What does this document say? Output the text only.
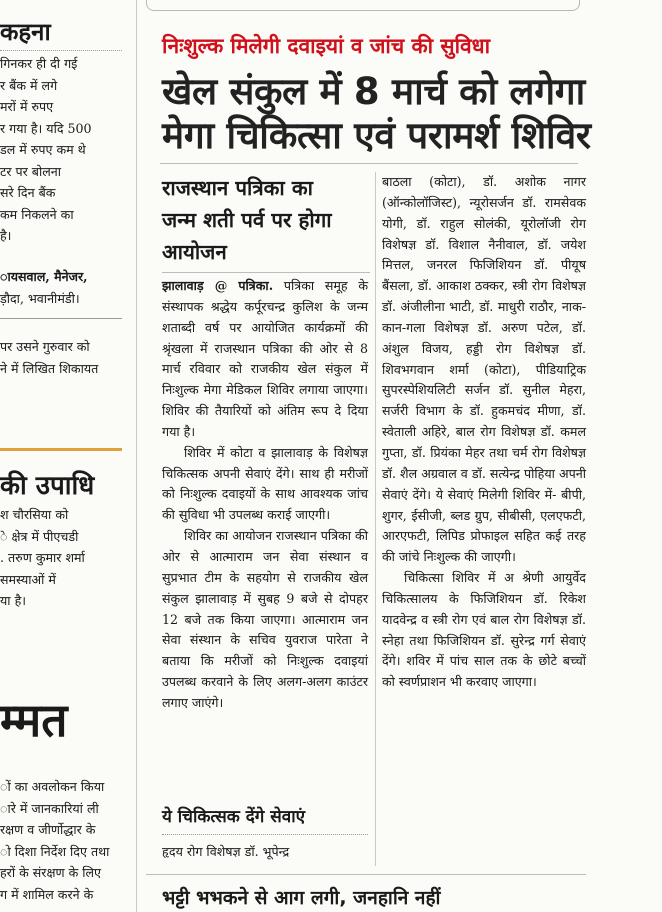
कहना

गिनकर ही दी गई

र बैंक में लगे

मरों में रुपए

र गया है। यदि 500

डल में रुपए कम थे

टर पर बोलना

सरे दिन बैंक

कम निकलने का

है।

ायसवाल, मैनेजर,

ड़ौदा, भवानीमंडी।

पर उसने गुरुवार को

ने में लिखित शिकायत

की उपाधि

श चौरसिया को

े क्षेत्र में पीएचडी

. तरुण कुमार शर्मा

समस्याओं में

या है।

म्मत

ों का अवलोकन किया

ारे में जानकारियां ली

रक्षण व जीर्णोद्धार के

ो दिशा निर्देश दिए तथा

हरों के संरक्षण के लिए

ग में शामिल करने के

निःशुल्क मिलेगी दवाइयां व जांच की सुविधा
खेल संकुल में 8 मार्च को लगेगा
मेगा चिकित्सा एवं परामर्श शिविर
राजस्थान पत्रिका का
जन्म शती पर्व पर होगा
आयोजन

झालावाड़ @ पत्रिका. पत्रिका समूह के संस्थापक श्रद्धेय कर्पूरचन्द्र कुलिश के जन्म शताब्दी वर्ष पर आयोजित कार्यक्रमों की श्रृंखला में राजस्थान पत्रिका की ओर से 8 मार्च रविवार को राजकीय खेल संकुल में निःशुल्क मेगा मेडिकल शिविर लगाया जाएगा। शिविर की तैयारियों को अंतिम रूप दे दिया गया है।

शिविर में कोटा व झालावाड़ के विशेषज्ञ चिकित्सक अपनी सेवाएं देंगे। साथ ही मरीजों को निःशुल्क दवाइयों के साथ आवश्यक जांच की सुविधा भी उपलब्ध कराई जाएगी।

शिविर का आयोजन राजस्थान पत्रिका की ओर से आत्माराम जन सेवा संस्थान व सुप्रभात टीम के सहयोग से राजकीय खेल संकुल झालावाड़ में सुबह 9 बजे से दोपहर 12 बजे तक किया जाएगा। आत्माराम जन सेवा संस्थान के सचिव युवराज पारेता ने बताया कि मरीजों को निःशुल्क दवाइयां उपलब्ध करवाने के लिए अलग-अलग काउंटर लगाए जाएंगे।

ये चिकित्सक देंगे सेवाएं

हृदय रोग विशेषज्ञ डॉ. भूपेन्द्र

बाठला (कोटा), डॉ. अशोक नागर (ऑन्कोलॉजिस्ट), न्यूरोसर्जन डॉ. रामसेवक योगी, डॉ. राहुल सोलंकी, यूरोलॉजी रोग विशेषज्ञ डॉ. विशाल नैनीवाल, डॉ. जयेश मित्तल, जनरल फिजिशियन डॉ. पीयूष बैंसला, डॉ. आकाश ठक्कर, स्त्री रोग विशेषज्ञ डॉ. अंजीलीना भाटी, डॉ. माधुरी राठौर, नाक-कान-गला विशेषज्ञ डॉ. अरुण पटेल, डॉ. अंशुल विजय, हड्डी रोग विशेषज्ञ डॉ. शिवभगवान शर्मा (कोटा), पीडियाट्रिक सुपरस्पेशियलिटी सर्जन डॉ. सुनील मेहरा, सर्जरी विभाग के डॉ. हुकमचंद मीणा, डॉ. स्वेताली अहिरे, बाल रोग विशेषज्ञ डॉ. कमल गुप्ता, डॉ. प्रियंका मेहर तथा चर्म रोग विशेषज्ञ डॉ. शैल अग्रवाल व डॉ. सत्येन्द्र पोहिया अपनी सेवाएं देंगे। ये सेवाएं मिलेगी शिविर में- बीपी, शुगर, ईसीजी, ब्लड ग्रुप, सीबीसी, एलएफटी, आरएफटी, लिपिड प्रोफाइल सहित कई तरह की जांचे निःशुल्क की जाएगी।

चिकित्सा शिविर में अ श्रेणी आयुर्वेद चिकित्सालय के फिजिशियन डॉ. रिकेश यादवेन्द्र व स्त्री रोग एवं बाल रोग विशेषज्ञ डॉ. स्नेहा तथा फिजिशियन डॉ. सुरेन्द्र गर्ग सेवाएं देंगे। शविर में पांच साल तक के छोटे बच्चों को स्वर्णप्राशन भी करवाए जाएगा।

भट्टी भभकने से आग लगी, जनहानि नहीं
